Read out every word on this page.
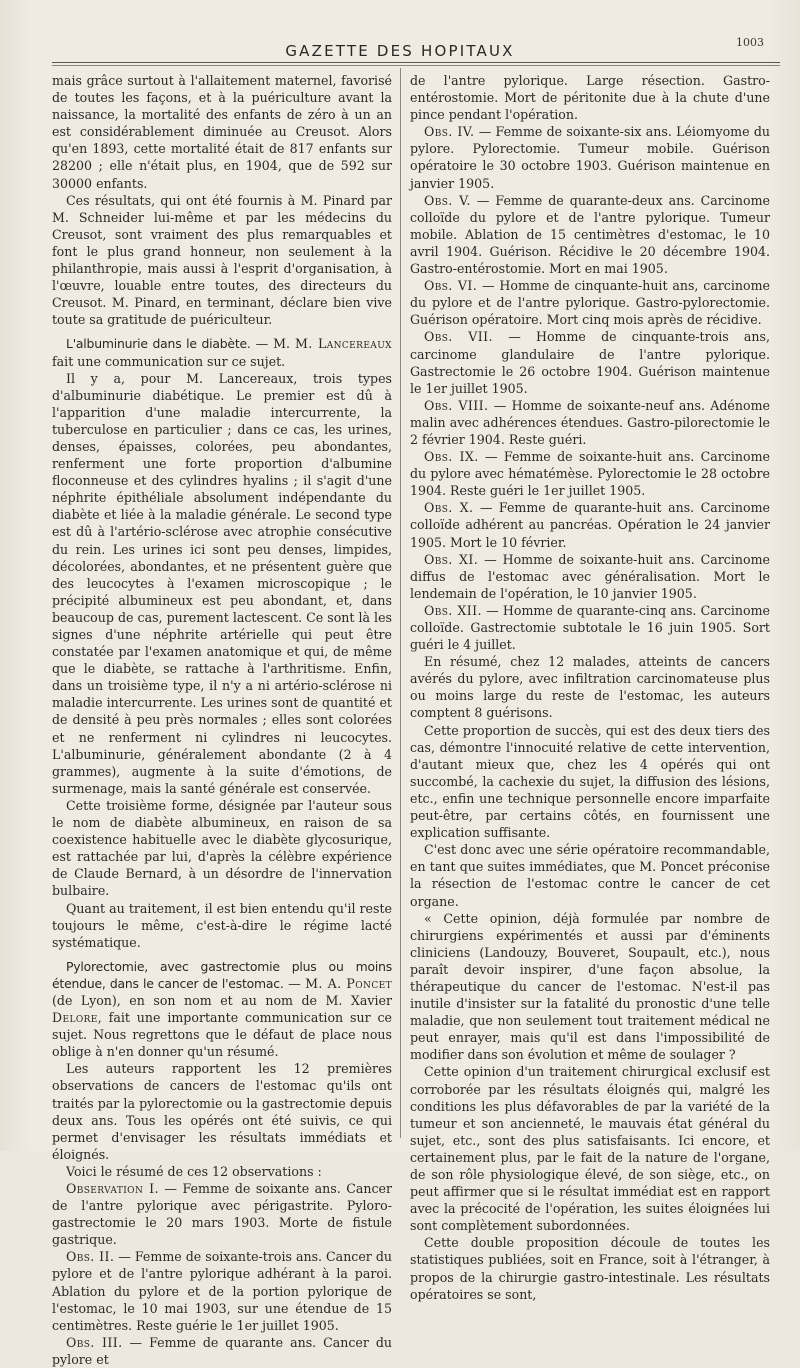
GAZETTE DES HOPITAUX	1003

mais grâce surtout à l'allaitement maternel, favorisé de toutes les façons, et à la puériculture avant la naissance, la mortalité des enfants de zéro à un an est considérablement diminuée au Creusot. Alors qu'en 1893, cette mortalité était de 817 enfants sur 28200 ; elle n'était plus, en 1904, que de 592 sur 30000 enfants.

Ces résultats, qui ont été fournis à M. Pinard par M. Schneider lui-même et par les médecins du Creusot, sont vraiment des plus remarquables et font le plus grand honneur, non seulement à la philanthropie, mais aussi à l'esprit d'organisation, à l'œuvre, louable entre toutes, des directeurs du Creusot. M. Pinard, en terminant, déclare bien vive toute sa gratitude de puériculteur.

L'albuminurie dans le diabète. — M. M. Lancereaux fait une communication sur ce sujet.

Il y a, pour M. Lancereaux, trois types d'albuminurie diabétique. Le premier est dû à l'apparition d'une maladie intercurrente, la tuberculose en particulier ; dans ce cas, les urines, denses, épaisses, colorées, peu abondantes, renferment une forte proportion d'albumine floconneuse et des cylindres hyalins ; il s'agit d'une néphrite épithéliale absolument indépendante du diabète et liée à la maladie générale. Le second type est dû à l'artério-sclérose avec atrophie consécutive du rein. Les urines ici sont peu denses, limpides, décolorées, abondantes, et ne présentent guère que des leucocytes à l'examen microscopique ; le précipité albumineux est peu abondant, et, dans beaucoup de cas, purement lactescent. Ce sont là les signes d'une néphrite artérielle qui peut être constatée par l'examen anatomique et qui, de même que le diabète, se rattache à l'arthritisme. Enfin, dans un troisième type, il n'y a ni artério-sclérose ni maladie intercurrente. Les urines sont de quantité et de densité à peu près normales ; elles sont colorées et ne renferment ni cylindres ni leucocytes. L'albuminurie, généralement abondante (2 à 4 grammes), augmente à la suite d'émotions, de surmenage, mais la santé générale est conservée.

Cette troisième forme, désignée par l'auteur sous le nom de diabète albumineux, en raison de sa coexistence habituelle avec le diabète glycosurique, est rattachée par lui, d'après la célèbre expérience de Claude Bernard, à un désordre de l'innervation bulbaire.

Quant au traitement, il est bien entendu qu'il reste toujours le même, c'est-à-dire le régime lacté systématique.

Pylorectomie, avec gastrectomie plus ou moins étendue, dans le cancer de l'estomac. — M. A. Poncet (de Lyon), en son nom et au nom de M. Xavier Delore, fait une importante communication sur ce sujet. Nous regrettons que le défaut de place nous oblige à n'en donner qu'un résumé.

Les auteurs rapportent les 12 premières observations de cancers de l'estomac qu'ils ont traités par la pylorectomie ou la gastrectomie depuis deux ans. Tous les opérés ont été suivis, ce qui permet d'envisager les résultats immédiats et éloignés.

Voici le résumé de ces 12 observations :

Observation I. — Femme de soixante ans. Cancer de l'antre pylorique avec périgastrite. Pyloro-gastrectomie le 20 mars 1903. Morte de fistule gastrique.

Obs. II. — Femme de soixante-trois ans. Cancer du pylore et de l'antre pylorique adhérant à la paroi. Ablation du pylore et de la portion pylorique de l'estomac, le 10 mai 1903, sur une étendue de 15 centimètres. Reste guérie le 1er juillet 1905.

Obs. III. — Femme de quarante ans. Cancer du pylore et

de l'antre pylorique. Large résection. Gastro-entérostomie. Mort de péritonite due à la chute d'une pince pendant l'opération.

Obs. IV. — Femme de soixante-six ans. Léiomyome du pylore. Pylorectomie. Tumeur mobile. Guérison opératoire le 30 octobre 1903. Guérison maintenue en janvier 1905.

Obs. V. — Femme de quarante-deux ans. Carcinome colloïde du pylore et de l'antre pylorique. Tumeur mobile. Ablation de 15 centimètres d'estomac, le 10 avril 1904. Guérison. Récidive le 20 décembre 1904. Gastro-entérostomie. Mort en mai 1905.

Obs. VI. — Homme de cinquante-huit ans, carcinome du pylore et de l'antre pylorique. Gastro-pylorectomie. Guérison opératoire. Mort cinq mois après de récidive.

Obs. VII. — Homme de cinquante-trois ans, carcinome glandulaire de l'antre pylorique. Gastrectomie le 26 octobre 1904. Guérison maintenue le 1er juillet 1905.

Obs. VIII. — Homme de soixante-neuf ans. Adénome malin avec adhérences étendues. Gastro-pilorectomie le 2 février 1904. Reste guéri.

Obs. IX. — Femme de soixante-huit ans. Carcinome du pylore avec hématémèse. Pylorectomie le 28 octobre 1904. Reste guéri le 1er juillet 1905.

Obs. X. — Femme de quarante-huit ans. Carcinome colloïde adhérent au pancréas. Opération le 24 janvier 1905. Mort le 10 février.

Obs. XI. — Homme de soixante-huit ans. Carcinome diffus de l'estomac avec généralisation. Mort le lendemain de l'opération, le 10 janvier 1905.

Obs. XII. — Homme de quarante-cinq ans. Carcinome colloïde. Gastrectomie subtotale le 16 juin 1905. Sort guéri le 4 juillet.

En résumé, chez 12 malades, atteints de cancers avérés du pylore, avec infiltration carcinomateuse plus ou moins large du reste de l'estomac, les auteurs comptent 8 guérisons.

Cette proportion de succès, qui est des deux tiers des cas, démontre l'innocuité relative de cette intervention, d'autant mieux que, chez les 4 opérés qui ont succombé, la cachexie du sujet, la diffusion des lésions, etc., enfin une technique personnelle encore imparfaite peut-être, par certains côtés, en fournissent une explication suffisante.

C'est donc avec une série opératoire recommandable, en tant que suites immédiates, que M. Poncet préconise la résection de l'estomac contre le cancer de cet organe.

« Cette opinion, déjà formulée par nombre de chirurgiens expérimentés et aussi par d'éminents cliniciens (Landouzy, Bouveret, Soupault, etc.), nous paraît devoir inspirer, d'une façon absolue, la thérapeutique du cancer de l'estomac. N'est-il pas inutile d'insister sur la fatalité du pronostic d'une telle maladie, que non seulement tout traitement médical ne peut enrayer, mais qu'il est dans l'impossibilité de modifier dans son évolution et même de soulager ?

Cette opinion d'un traitement chirurgical exclusif est corroborée par les résultats éloignés qui, malgré les conditions les plus défavorables de par la variété de la tumeur et son ancienneté, le mauvais état général du sujet, etc., sont des plus satisfaisants. Ici encore, et certainement plus, par le fait de la nature de l'organe, de son rôle physiologique élevé, de son siège, etc., on peut affirmer que si le résultat immédiat est en rapport avec la précocité de l'opération, les suites éloignées lui sont complètement subordonnées.

Cette double proposition découle de toutes les statistiques publiées, soit en France, soit à l'étranger, à propos de la chirurgie gastro-intestinale. Les résultats opératoires se sont,
